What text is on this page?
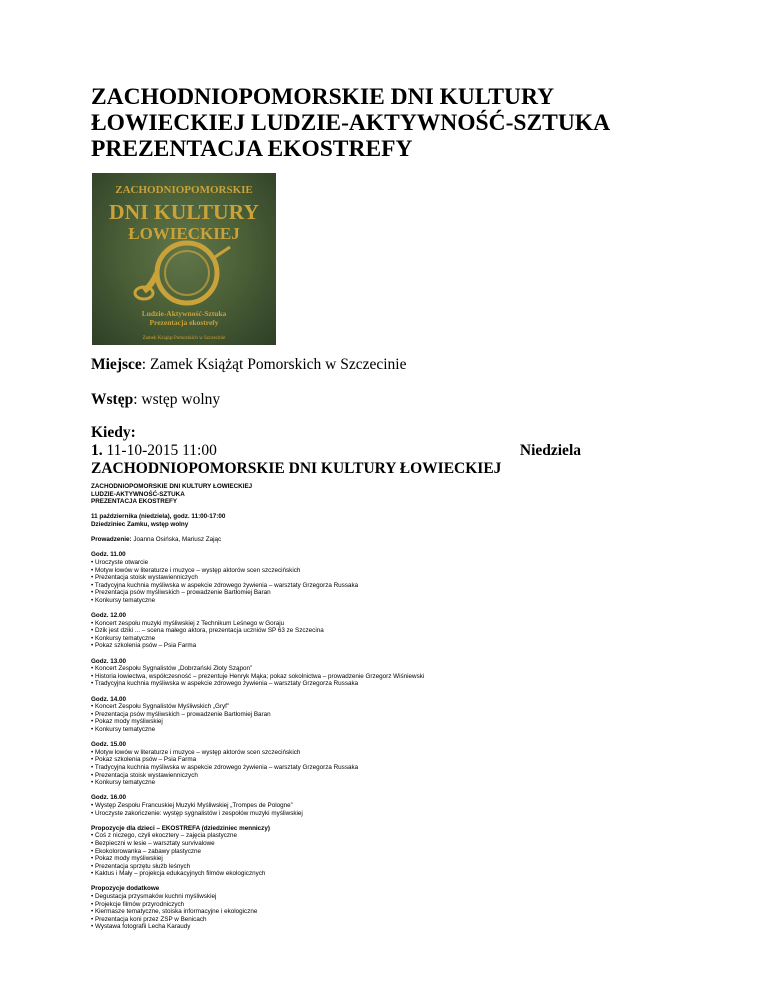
ZACHODNIOPOMORSKIE DNI KULTURY
ŁOWIECKIEJ LUDZIE-AKTYWNOŚĆ-SZTUKA
PREZENTACJA EKOSTREFY
ZACHODNIOPOMORSKIE
DNI KULTURY
ŁOWIECKIEJ
Ludzie-Aktywność-Sztuka
Prezentacja ekostrefy
Zamek Książąt Pomorskich w Szczecinie
Miejsce: Zamek Książąt Pomorskich w Szczecinie
Wstęp: wstęp wolny
Kiedy:
1. 11-10-2015 11:00	Niedziela
ZACHODNIOPOMORSKIE DNI KULTURY ŁOWIECKIEJ
ZACHODNIOPOMORSKIE DNI KULTURY ŁOWIECKIEJ
LUDZIE-AKTYWNOŚĆ-SZTUKA
PREZENTACJA EKOSTREFY
11 października (niedziela), godz. 11:00-17:00
Dziedziniec Zamku, wstęp wolny
Prowadzenie: Joanna Osińska, Mariusz Zając
Godz. 11.00
• Uroczyste otwarcie
• Motyw łowów w literaturze i muzyce – występ aktorów scen szczecińskich
• Prezentacja stoisk wystawienniczych
• Tradycyjna kuchnia myśliwska w aspekcie zdrowego żywienia – warsztaty Grzegorza Russaka
• Prezentacja psów myśliwskich – prowadzenie Bartłomiej Baran
• Konkursy tematyczne
Godz. 12.00
• Koncert zespołu muzyki myśliwskiej z Technikum Leśnego w Goraju
• Dzik jest dziki ... – scena małego aktora, prezentacja uczniów SP 63 ze Szczecina
• Konkursy tematyczne
• Pokaz szkolenia psów – Psia Farma
Godz. 13.00
• Koncert Zespołu Sygnalistów „Dobrzański Złoty Sząpon”
• Historia łowiectwa, współczesność – prezentuje Henryk Mąka; pokaz sokolnictwa – prowadzenie Grzegorz Wiśniewski
• Tradycyjna kuchnia myśliwska w aspekcie zdrowego żywienia – warsztaty Grzegorza Russaka
Godz. 14.00
• Koncert Zespołu Sygnalistów Myśliwskich „Gryf”
• Prezentacja psów myśliwskich – prowadzenie Bartłomiej Baran
• Pokaz mody myśliwskiej
• Konkursy tematyczne
Godz. 15.00
• Motyw łowów w literaturze i muzyce – występ aktorów scen szczecińskich
• Pokaz szkolenia psów – Psia Farma
• Tradycyjna kuchnia myśliwska w aspekcie zdrowego żywienia – warsztaty Grzegorza Russaka
• Prezentacja stoisk wystawienniczych
• Konkursy tematyczne
Godz. 16.00
• Występ Zespołu Francuskiej Muzyki Myśliwskiej „Trompes de Pologne”
• Uroczyste zakończenie: występ sygnalistów i zespołów muzyki myśliwskiej
Propozycje dla dzieci – EKOSTREFA (dziedziniec menniczy)
• Coś z niczego, czyli ekocztery – zajęcia plastyczne
• Bezpieczni w lesie – warsztaty survivalowe
• Ekokolorowanka – zabawy plastyczne
• Pokaz mody myśliwskiej
• Prezentacja sprzętu służb leśnych
• Kaktus i Mały – projekcja edukacyjnych filmów ekologicznych
Propozycje dodatkowe
• Degustacja przysmaków kuchni myśliwskiej
• Projekcje filmów przyrodniczych
• Kiermasze tematyczne, stoiska informacyjne i ekologiczne
• Prezentacja koni przez ZSP w Benicach
• Wystawa fotografii Lecha Karaudy
